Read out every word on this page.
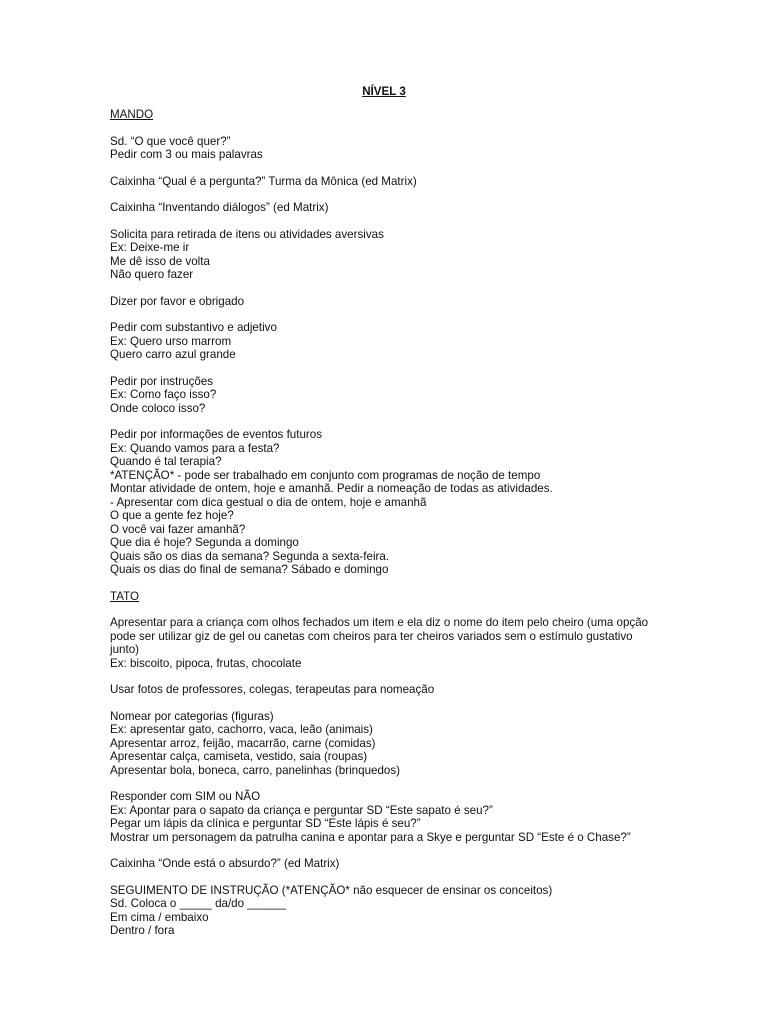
NÍVEL 3
MANDO
Sd. “O que você quer?”
Pedir com 3 ou mais palavras
Caixinha “Qual é a pergunta?” Turma da Mônica (ed Matrix)
Caixinha “Inventando diálogos” (ed Matrix)
Solicita para retirada de itens ou atividades aversivas
Ex: Deixe-me ir
Me dê isso de volta
Não quero fazer
Dizer por favor e obrigado
Pedir com substantivo e adjetivo
Ex: Quero urso marrom
Quero carro azul grande
Pedir por instruções
Ex: Como faço isso?
Onde coloco isso?
Pedir por informações de eventos futuros
Ex: Quando vamos para a festa?
Quando é tal terapia?
*ATENÇÃO* - pode ser trabalhado em conjunto com programas de noção de tempo
Montar atividade de ontem, hoje e amanhã. Pedir a nomeação de todas as atividades.
- Apresentar com dica gestual o dia de ontem, hoje e amanhã
O que a gente fez hoje?
O você vai fazer amanhã?
Que dia é hoje? Segunda a domingo
Quais são os dias da semana? Segunda a sexta-feira.
Quais os dias do final de semana? Sábado e domingo
TATO
Apresentar para a criança com olhos fechados um item e ela diz o nome do item pelo cheiro (uma opção pode ser utilizar giz de gel ou canetas com cheiros para ter cheiros variados sem o estímulo gustativo junto)
Ex: biscoito, pipoca, frutas, chocolate
Usar fotos de professores, colegas, terapeutas para nomeação
Nomear por categorias (figuras)
Ex: apresentar gato, cachorro, vaca, leão (animais)
Apresentar arroz, feijão, macarrão, carne (comidas)
Apresentar calça, camiseta, vestido, saia (roupas)
Apresentar bola, boneca, carro, panelinhas (brinquedos)
Responder com SIM ou NÃO
Ex: Apontar para o sapato da criança e perguntar SD “Este sapato é seu?”
Pegar um lápis da clínica e perguntar SD “Este lápis é seu?”
Mostrar um personagem da patrulha canina e apontar para a Skye e perguntar SD “Este é o Chase?”
Caixinha “Onde está o absurdo?” (ed Matrix)
SEGUIMENTO DE INSTRUÇÃO (*ATENÇÃO* não esquecer de ensinar os conceitos)
Sd. Coloca o _____ da/do ______
Em cima / embaixo
Dentro / fora
